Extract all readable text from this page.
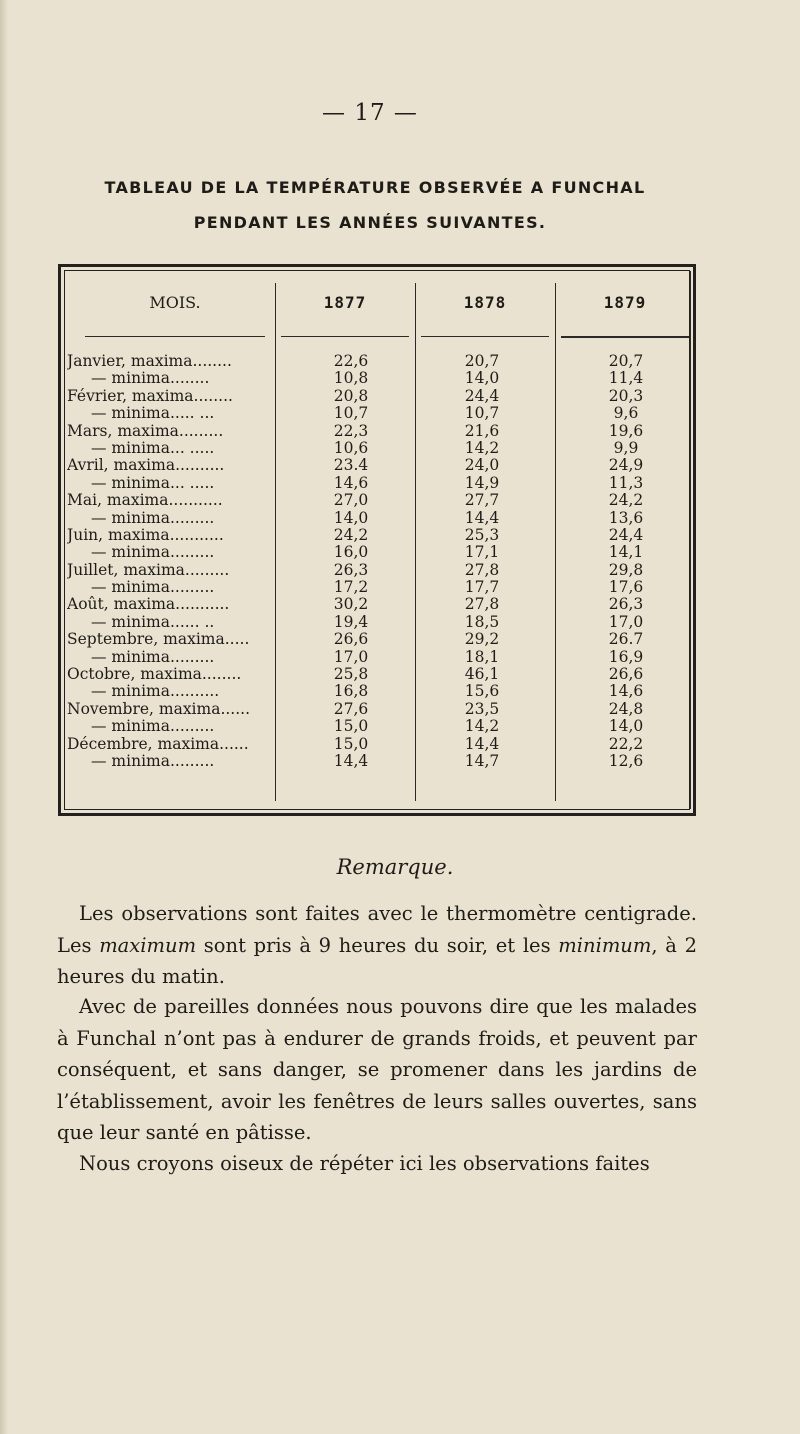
— 17 —
TABLEAU DE LA TEMPÉRATURE OBSERVÉE A FUNCHAL
PENDANT LES ANNÉES SUIVANTES.
MOIS.	1877	1878	1879
Janvier, maxima........	22,6	20,7	20,7
— minima........	10,8	14,0	11,4
Février, maxima........	20,8	24,4	20,3
— minima..... ...	10,7	10,7	9,6
Mars, maxima.........	22,3	21,6	19,6
— minima... .....	10,6	14,2	9,9
Avril, maxima..........	23.4	24,0	24,9
— minima... .....	14,6	14,9	11,3
Mai, maxima...........	27,0	27,7	24,2
— minima.........	14,0	14,4	13,6
Juin, maxima...........	24,2	25,3	24,4
— minima.........	16,0	17,1	14,1
Juillet, maxima.........	26,3	27,8	29,8
— minima.........	17,2	17,7	17,6
Août, maxima...........	30,2	27,8	26,3
— minima...... ..	19,4	18,5	17,0
Septembre, maxima.....	26,6	29,2	26.7
— minima.........	17,0	18,1	16,9
Octobre, maxima........	25,8	46,1	26,6
— minima..........	16,8	15,6	14,6
Novembre, maxima......	27,6	23,5	24,8
— minima.........	15,0	14,2	14,0
Décembre, maxima......	15,0	14,4	22,2
— minima.........	14,4	14,7	12,6
Remarque.
Les observations sont faites avec le thermomètre centigrade. Les maximum sont pris à 9 heures du soir, et les minimum, à 2 heures du matin.
Avec de pareilles données nous pouvons dire que les malades à Funchal n’ont pas à endurer de grands froids, et peuvent par conséquent, et sans danger, se promener dans les jardins de l’établissement, avoir les fenêtres de leurs salles ouvertes, sans que leur santé en pâtisse.
Nous croyons oiseux de répéter ici les observations faites
